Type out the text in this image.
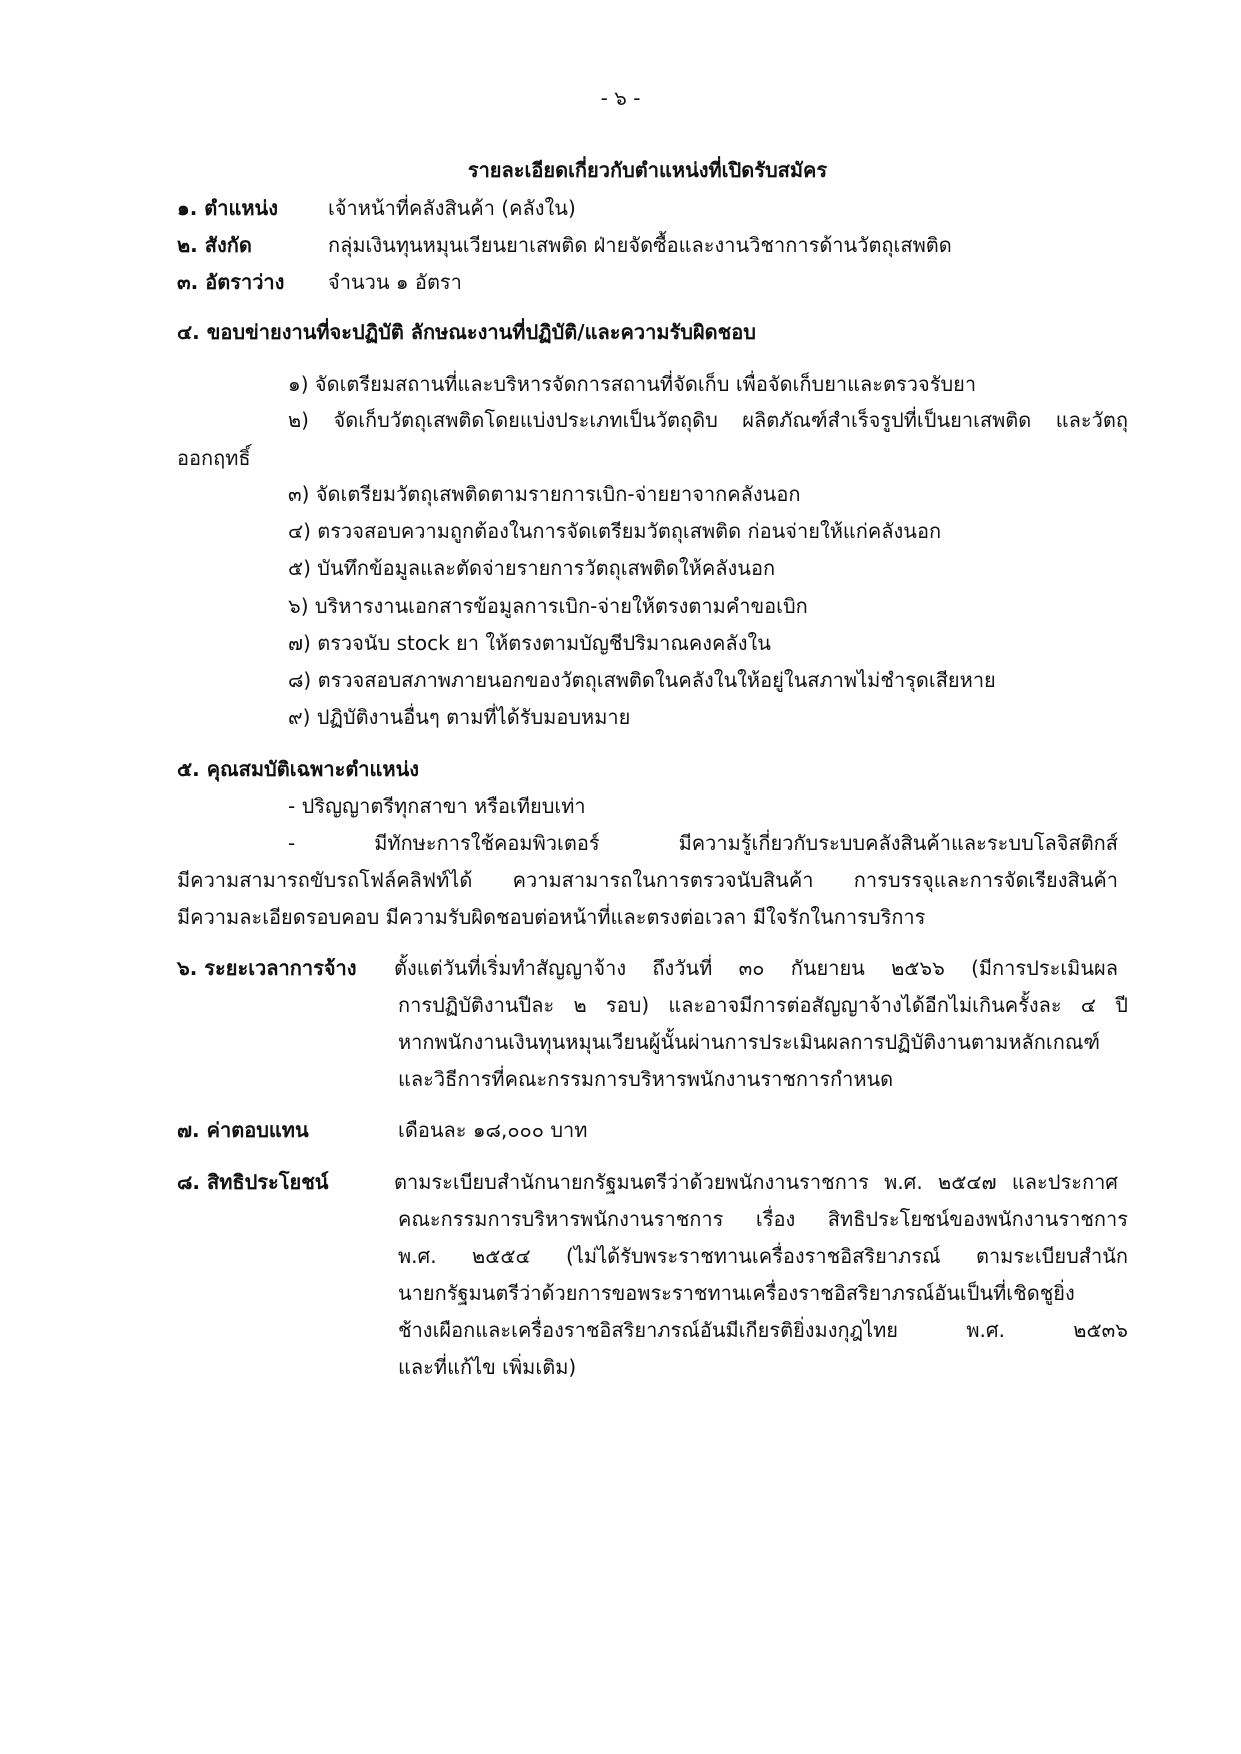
- ๖ -
รายละเอียดเกี่ยวกับตำแหน่งที่เปิดรับสมัคร
๑. ตำแหน่ง	เจ้าหน้าที่คลังสินค้า (คลังใน)
๒. สังกัด	กลุ่มเงินทุนหมุนเวียนยาเสพติด ฝ่ายจัดซื้อและงานวิชาการด้านวัตถุเสพติด
๓. อัตราว่าง จำนวน ๑ อัตรา
๔. ขอบข่ายงานที่จะปฏิบัติ ลักษณะงานที่ปฏิบัติ/และความรับผิดชอบ
๑) จัดเตรียมสถานที่และบริหารจัดการสถานที่จัดเก็บ เพื่อจัดเก็บยาและตรวจรับยา
๒) จัดเก็บวัตถุเสพติดโดยแบ่งประเภทเป็นวัตถุดิบ ผลิตภัณฑ์สำเร็จรูปที่เป็นยาเสพติด และวัตถุ
ออกฤทธิ์
๓) จัดเตรียมวัตถุเสพติดตามรายการเบิก-จ่ายยาจากคลังนอก
๔) ตรวจสอบความถูกต้องในการจัดเตรียมวัตถุเสพติด ก่อนจ่ายให้แก่คลังนอก
๕) บันทึกข้อมูลและตัดจ่ายรายการวัตถุเสพติดให้คลังนอก
๖) บริหารงานเอกสารข้อมูลการเบิก-จ่ายให้ตรงตามคำขอเบิก
๗) ตรวจนับ stock ยา ให้ตรงตามบัญชีปริมาณคงคลังใน
๘) ตรวจสอบสภาพภายนอกของวัตถุเสพติดในคลังในให้อยู่ในสภาพไม่ชำรุดเสียหาย
๙) ปฏิบัติงานอื่นๆ ตามที่ได้รับมอบหมาย
๕. คุณสมบัติเฉพาะตำแหน่ง
- ปริญญาตรีทุกสาขา หรือเทียบเท่า
- มีทักษะการใช้คอมพิวเตอร์ มีความรู้เกี่ยวกับระบบคลังสินค้าและระบบโลจิสติกส์
มีความสามารถขับรถโฟล์คลิฟท์ได้ ความสามารถในการตรวจนับสินค้า การบรรจุและการจัดเรียงสินค้า
มีความละเอียดรอบคอบ มีความรับผิดชอบต่อหน้าที่และตรงต่อเวลา มีใจรักในการบริการ
๖. ระยะเวลาการจ้าง ตั้งแต่วันที่เริ่มทำสัญญาจ้าง ถึงวันที่ ๓๐ กันยายน ๒๕๖๖ (มีการประเมินผล
การปฏิบัติงานปีละ ๒ รอบ) และอาจมีการต่อสัญญาจ้างได้อีกไม่เกินครั้งละ ๔ ปี
หากพนักงานเงินทุนหมุนเวียนผู้นั้นผ่านการประเมินผลการปฏิบัติงานตามหลักเกณฑ์
และวิธีการที่คณะกรรมการบริหารพนักงานราชการกำหนด
๗. ค่าตอบแทน	เดือนละ ๑๘,๐๐๐ บาท
๘. สิทธิประโยชน์	ตามระเบียบสำนักนายกรัฐมนตรีว่าด้วยพนักงานราชการ พ.ศ. ๒๕๔๗ และประกาศ
คณะกรรมการบริหารพนักงานราชการ เรื่อง สิทธิประโยชน์ของพนักงานราชการ
พ.ศ. ๒๕๕๔ (ไม่ได้รับพระราชทานเครื่องราชอิสริยาภรณ์ ตามระเบียบสำนัก
นายกรัฐมนตรีว่าด้วยการขอพระราชทานเครื่องราชอิสริยาภรณ์อันเป็นที่เชิดชูยิ่ง
ช้างเผือกและเครื่องราชอิสริยาภรณ์อันมีเกียรติยิ่งมงกุฎไทย พ.ศ. ๒๕๓๖
และที่แก้ไข เพิ่มเติม)
